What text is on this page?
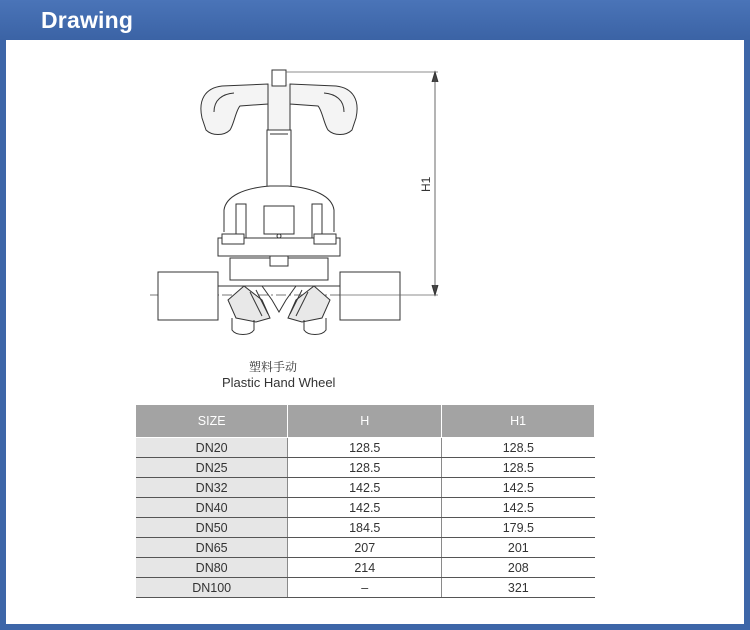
Drawing
H1
塑料手动
Plastic Hand Wheel
SIZE	H	H1
DN20	128.5	128.5
DN25	128.5	128.5
DN32	142.5	142.5
DN40	142.5	142.5
DN50	184.5	179.5
DN65	207	201
DN80	214	208
DN100	–	321
